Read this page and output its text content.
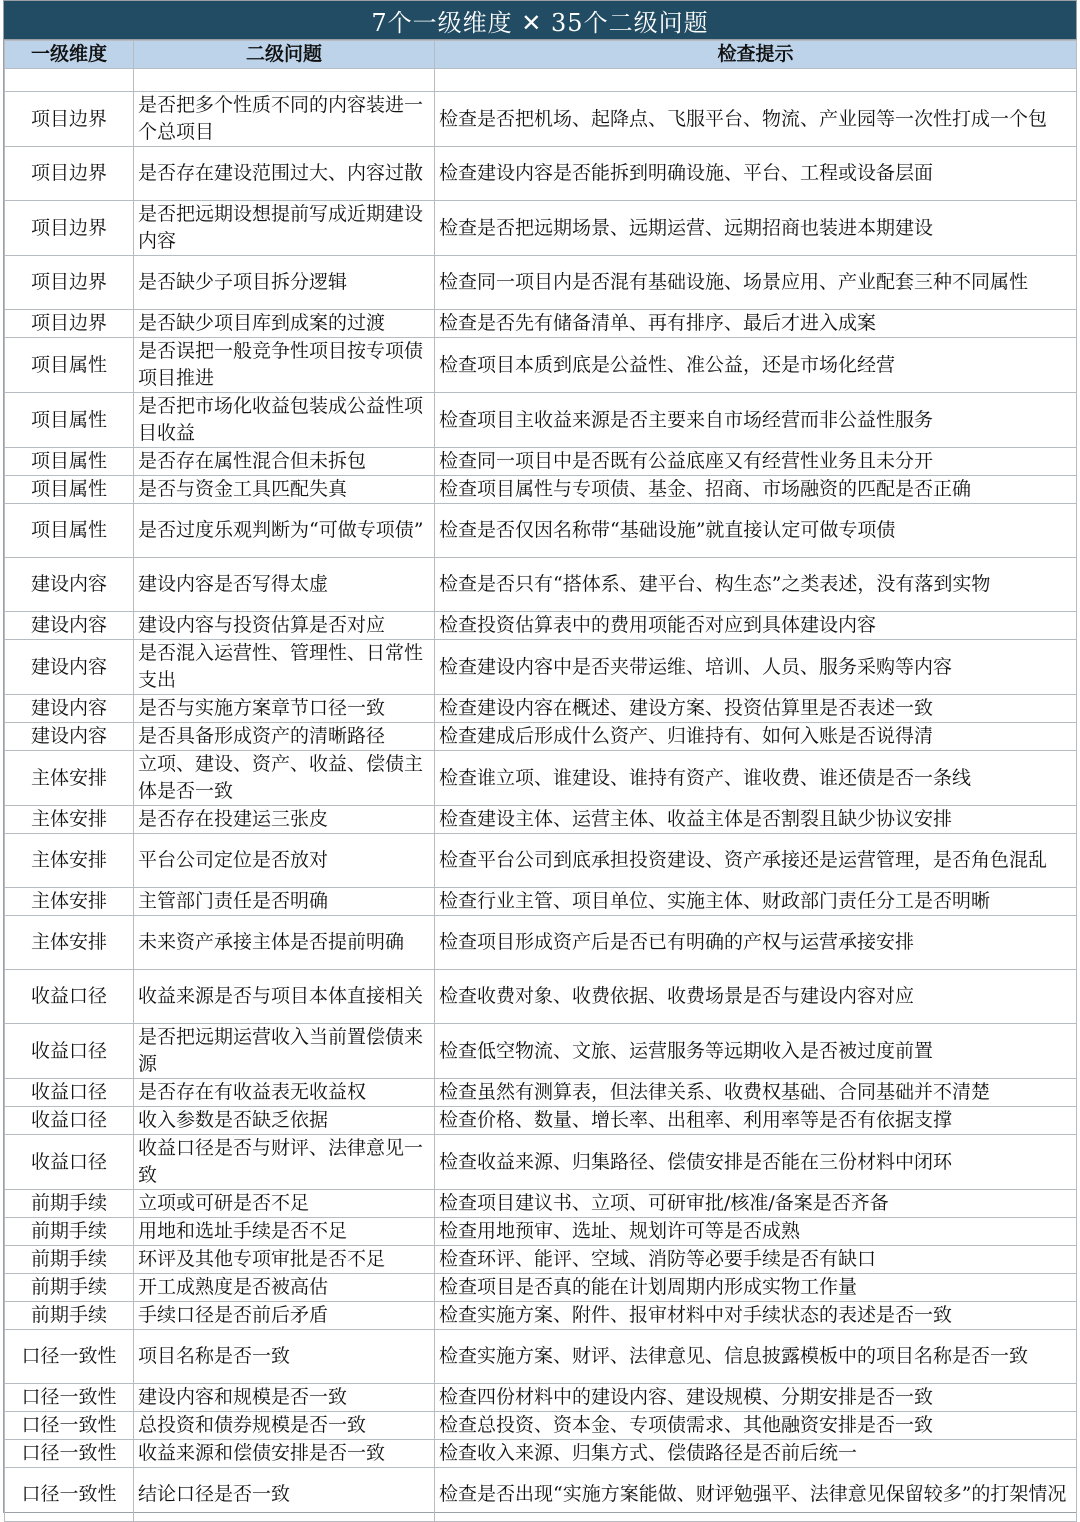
7个一级维度 ✕ 35个二级问题

一级维度	二级问题	检查提示
项目边界	是否把多个性质不同的内容装进一个总项目	检查是否把机场、起降点、飞服平台、物流、产业园等一次性打成一个包
项目边界	是否存在建设范围过大、内容过散	检查建设内容是否能拆到明确设施、平台、工程或设备层面
项目边界	是否把远期设想提前写成近期建设内容	检查是否把远期场景、远期运营、远期招商也装进本期建设
项目边界	是否缺少子项目拆分逻辑	检查同一项目内是否混有基础设施、场景应用、产业配套三种不同属性
项目边界	是否缺少项目库到成案的过渡	检查是否先有储备清单、再有排序、最后才进入成案
项目属性	是否误把一般竞争性项目按专项债项目推进	检查项目本质到底是公益性、准公益，还是市场化经营
项目属性	是否把市场化收益包装成公益性项目收益	检查项目主收益来源是否主要来自市场经营而非公益性服务
项目属性	是否存在属性混合但未拆包	检查同一项目中是否既有公益底座又有经营性业务且未分开
项目属性	是否与资金工具匹配失真	检查项目属性与专项债、基金、招商、市场融资的匹配是否正确
项目属性	是否过度乐观判断为“可做专项债”	检查是否仅因名称带“基础设施”就直接认定可做专项债
建设内容	建设内容是否写得太虚	检查是否只有“搭体系、建平台、构生态”之类表述，没有落到实物
建设内容	建设内容与投资估算是否对应	检查投资估算表中的费用项能否对应到具体建设内容
建设内容	是否混入运营性、管理性、日常性支出	检查建设内容中是否夹带运维、培训、人员、服务采购等内容
建设内容	是否与实施方案章节口径一致	检查建设内容在概述、建设方案、投资估算里是否表述一致
建设内容	是否具备形成资产的清晰路径	检查建成后形成什么资产、归谁持有、如何入账是否说得清
主体安排	立项、建设、资产、收益、偿债主体是否一致	检查谁立项、谁建设、谁持有资产、谁收费、谁还债是否一条线
主体安排	是否存在投建运三张皮	检查建设主体、运营主体、收益主体是否割裂且缺少协议安排
主体安排	平台公司定位是否放对	检查平台公司到底承担投资建设、资产承接还是运营管理，是否角色混乱
主体安排	主管部门责任是否明确	检查行业主管、项目单位、实施主体、财政部门责任分工是否明晰
主体安排	未来资产承接主体是否提前明确	检查项目形成资产后是否已有明确的产权与运营承接安排
收益口径	收益来源是否与项目本体直接相关	检查收费对象、收费依据、收费场景是否与建设内容对应
收益口径	是否把远期运营收入当前置偿债来源	检查低空物流、文旅、运营服务等远期收入是否被过度前置
收益口径	是否存在有收益表无收益权	检查虽然有测算表，但法律关系、收费权基础、合同基础并不清楚
收益口径	收入参数是否缺乏依据	检查价格、数量、增长率、出租率、利用率等是否有依据支撑
收益口径	收益口径是否与财评、法律意见一致	检查收益来源、归集路径、偿债安排是否能在三份材料中闭环
前期手续	立项或可研是否不足	检查项目建议书、立项、可研审批/核准/备案是否齐备
前期手续	用地和选址手续是否不足	检查用地预审、选址、规划许可等是否成熟
前期手续	环评及其他专项审批是否不足	检查环评、能评、空域、消防等必要手续是否有缺口
前期手续	开工成熟度是否被高估	检查项目是否真的能在计划周期内形成实物工作量
前期手续	手续口径是否前后矛盾	检查实施方案、附件、报审材料中对手续状态的表述是否一致
口径一致性	项目名称是否一致	检查实施方案、财评、法律意见、信息披露模板中的项目名称是否一致
口径一致性	建设内容和规模是否一致	检查四份材料中的建设内容、建设规模、分期安排是否一致
口径一致性	总投资和债券规模是否一致	检查总投资、资本金、专项债需求、其他融资安排是否一致
口径一致性	收益来源和偿债安排是否一致	检查收入来源、归集方式、偿债路径是否前后统一
口径一致性	结论口径是否一致	检查是否出现“实施方案能做、财评勉强平、法律意见保留较多”的打架情况
